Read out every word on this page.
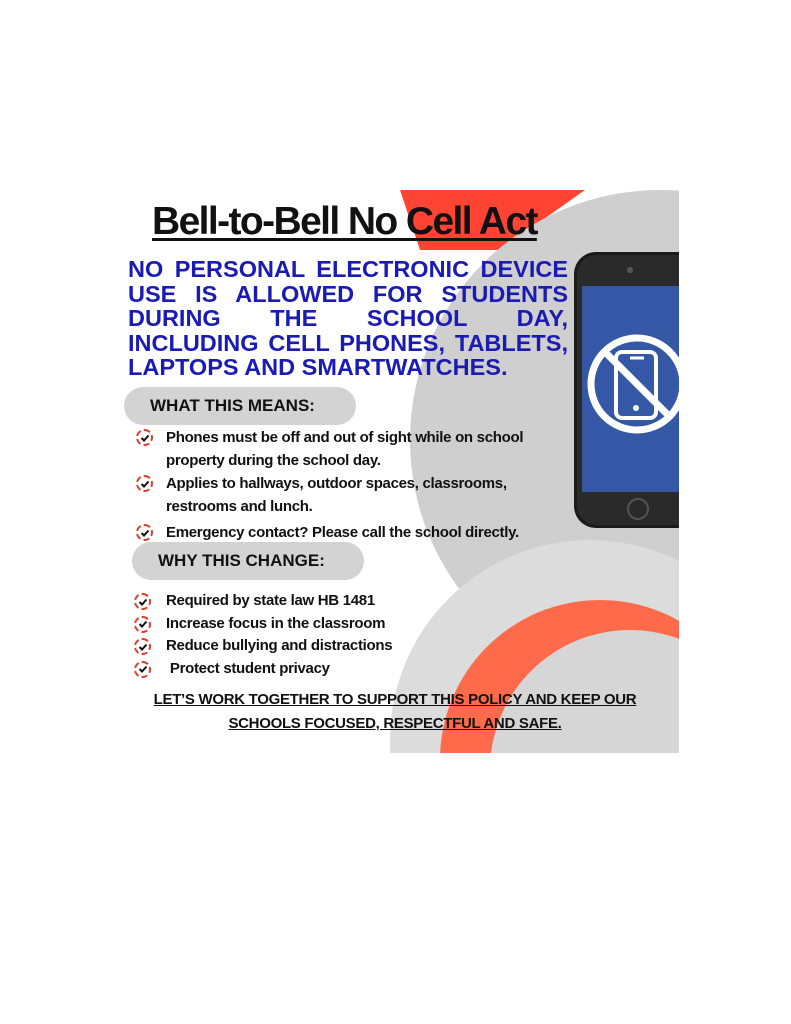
Bell-to-Bell No Cell Act

NO PERSONAL ELECTRONIC DEVICE USE IS ALLOWED FOR STUDENTS DURING THE SCHOOL DAY, INCLUDING CELL PHONES, TABLETS, LAPTOPS AND SMARTWATCHES.

WHAT THIS MEANS:
Phones must be off and out of sight while on school property during the school day.
Applies to hallways, outdoor spaces, classrooms, restrooms and lunch.
Emergency contact? Please call the school directly.
WHY THIS CHANGE:
Required by state law HB 1481
Increase focus in the classroom
Reduce bullying and distractions
Protect student privacy

LET’S WORK TOGETHER TO SUPPORT THIS POLICY AND KEEP OUR SCHOOLS FOCUSED, RESPECTFUL AND SAFE.
